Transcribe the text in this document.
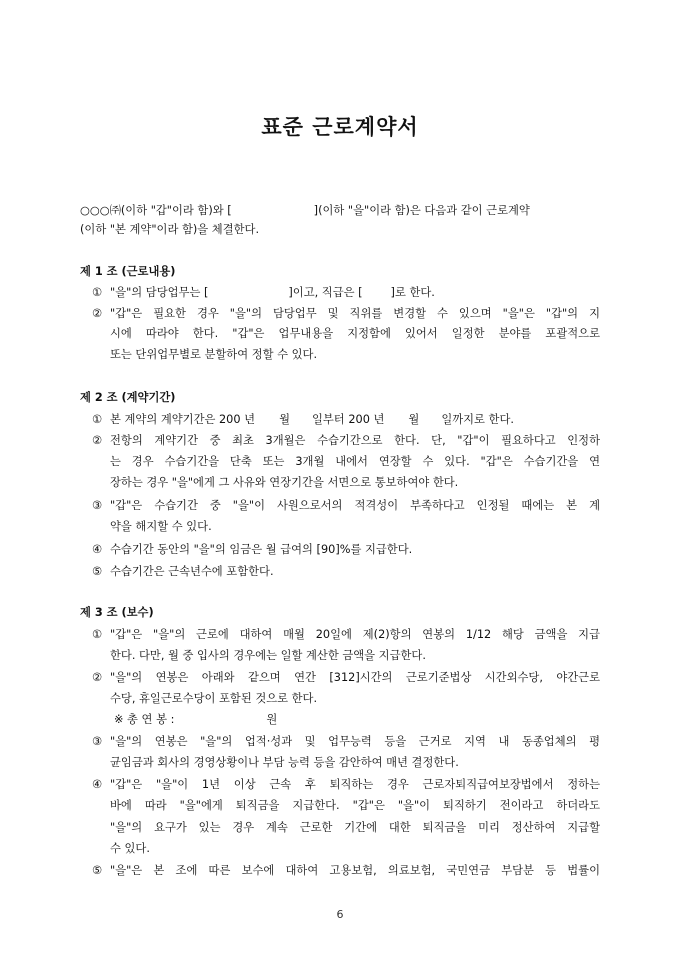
표준 근로계약서
○○○㈜(이하 "갑"이라 함)와 [	](이하 "을"이라 함)은 다음과 같이 근로계약
(이하 "본 계약"이라 함)을 체결한다.
제 1 조 (근로내용)
① "을"의 담당업무는 [	]이고, 직급은 [ ]로 한다.
② "갑"은 필요한 경우 "을"의 담당업무 및 직위를 변경할 수 있으며 "을"은 "갑"의 지
시에 따라야 한다. "갑"은 업무내용을 지정함에 있어서 일정한 분야를 포괄적으로
또는 단위업무별로 분할하여 정할 수 있다.
제 2 조 (계약기간)
① 본 계약의 계약기간은 200 년 월 일부터 200 년 월 일까지로 한다.
② 전항의 계약기간 중 최초 3개월은 수습기간으로 한다. 단, "갑"이 필요하다고 인정하
는 경우 수습기간을 단축 또는 3개월 내에서 연장할 수 있다. "갑"은 수습기간을 연
장하는 경우 "을"에게 그 사유와 연장기간을 서면으로 통보하여야 한다.
③ "갑"은 수습기간 중 "을"이 사원으로서의 적격성이 부족하다고 인정될 때에는 본 계
약을 해지할 수 있다.
④ 수습기간 동안의 "을"의 임금은 월 급여의 [90]%를 지급한다.
⑤ 수습기간은 근속년수에 포함한다.
제 3 조 (보수)
① "갑"은 "을"의 근로에 대하여 매월 20일에 제(2)항의 연봉의 1/12 해당 금액을 지급
한다. 다만, 월 중 입사의 경우에는 일할 계산한 금액을 지급한다.
② "을"의 연봉은 아래와 같으며 연간 [312]시간의 근로기준법상 시간외수당, 야간근로
수당, 휴일근로수당이 포함된 것으로 한다.
※ 총 연 봉 :	원
③ "을"의 연봉은 "을"의 업적·성과 및 업무능력 등을 근거로 지역 내 동종업체의 평
균임금과 회사의 경영상황이나 부담 능력 등을 감안하여 매년 결정한다.
④ "갑"은 "을"이 1년 이상 근속 후 퇴직하는 경우 근로자퇴직급여보장법에서 정하는
바에 따라 "을"에게 퇴직금을 지급한다. "갑"은 "을"이 퇴직하기 전이라고 하더라도
"을"의 요구가 있는 경우 계속 근로한 기간에 대한 퇴직금을 미리 정산하여 지급할
수 있다.
⑤ "을"은 본 조에 따른 보수에 대하여 고용보험, 의료보험, 국민연금 부담분 등 법률이
6
